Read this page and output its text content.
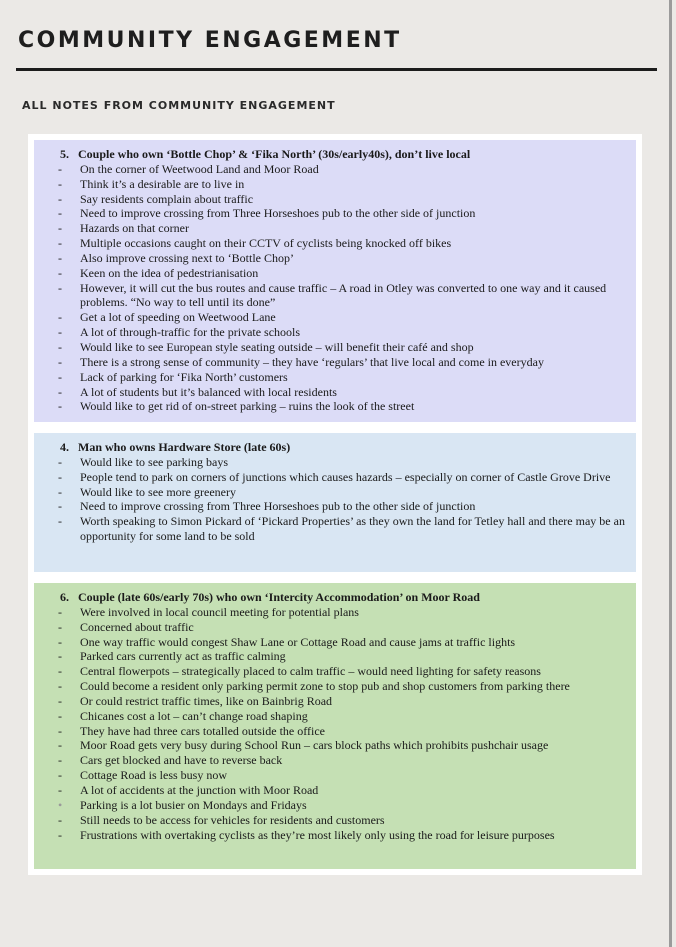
COMMUNITY ENGAGEMENT
ALL NOTES FROM COMMUNITY ENGAGEMENT
5. Couple who own ‘Bottle Chop’ & ‘Fika North’ (30s/early40s), don’t live local
-	On the corner of Weetwood Land and Moor Road
-	Think it’s a desirable are to live in
-	Say residents complain about traffic
-	Need to improve crossing from Three Horseshoes pub to the other side of junction
-	Hazards on that corner
-	Multiple occasions caught on their CCTV of cyclists being knocked off bikes
-	Also improve crossing next to ‘Bottle Chop’
-	Keen on the idea of pedestrianisation
-	However, it will cut the bus routes and cause traffic – A road in Otley was converted to one way and it caused problems. “No way to tell until its done”
-	Get a lot of speeding on Weetwood Lane
-	A lot of through-traffic for the private schools
-	Would like to see European style seating outside – will benefit their café and shop
-	There is a strong sense of community – they have ‘regulars’ that live local and come in everyday
-	Lack of parking for ‘Fika North’ customers
-	A lot of students but it’s balanced with local residents
-	Would like to get rid of on-street parking – ruins the look of the street
4. Man who owns Hardware Store (late 60s)
-	Would like to see parking bays
-	People tend to park on corners of junctions which causes hazards – especially on corner of Castle Grove Drive
-	Would like to see more greenery
-	Need to improve crossing from Three Horseshoes pub to the other side of junction
-	Worth speaking to Simon Pickard of ‘Pickard Properties’ as they own the land for Tetley hall and there may be an opportunity for some land to be sold
6. Couple (late 60s/early 70s) who own ‘Intercity Accommodation’ on Moor Road
-	Were involved in local council meeting for potential plans
-	Concerned about traffic
-	One way traffic would congest Shaw Lane or Cottage Road and cause jams at traffic lights
-	Parked cars currently act as traffic calming
-	Central flowerpots – strategically placed to calm traffic – would need lighting for safety reasons
-	Could become a resident only parking permit zone to stop pub and shop customers from parking there
-	Or could restrict traffic times, like on Bainbrig Road
-	Chicanes cost a lot – can’t change road shaping
-	They have had three cars totalled outside the office
-	Moor Road gets very busy during School Run – cars block paths which prohibits pushchair usage
-	Cars get blocked and have to reverse back
-	Cottage Road is less busy now
-	A lot of accidents at the junction with Moor Road
•	Parking is a lot busier on Mondays and Fridays
-	Still needs to be access for vehicles for residents and customers
-	Frustrations with overtaking cyclists as they’re most likely only using the road for leisure purposes
